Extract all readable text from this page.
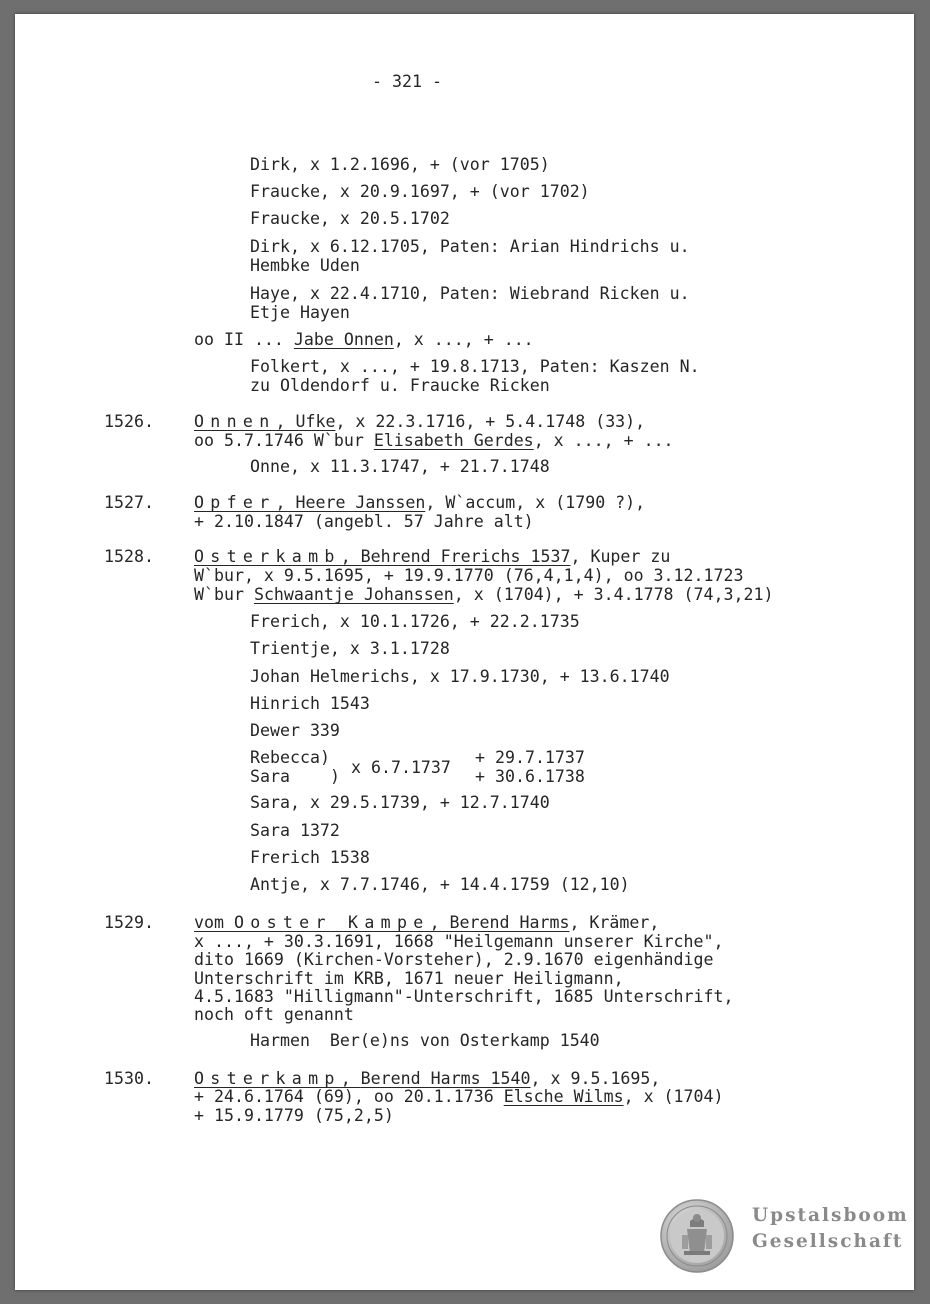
- 321 -
Dirk, x 1.2.1696, + (vor 1705)
Fraucke, x 20.9.1697, + (vor 1702)
Fraucke, x 20.5.1702
Dirk, x 6.12.1705, Paten: Arian Hindrichs u.
Hembke Uden
Haye, x 22.4.1710, Paten: Wiebrand Ricken u.
Etje Hayen
oo II ... Jabe Onnen, x ..., + ...
Folkert, x ..., + 19.8.1713, Paten: Kaszen N.
zu Oldendorf u. Fraucke Ricken
1526. Onnen, Ufke, x 22.3.1716, + 5.4.1748 (33),
oo 5.7.1746 W`bur Elisabeth Gerdes, x ..., + ...
Onne, x 11.3.1747, + 21.7.1748
1527. Opfer, Heere Janssen, W`accum, x (1790 ?),
+ 2.10.1847 (angebl. 57 Jahre alt)
1528. Osterkamb, Behrend Frerichs 1537, Kuper zu
W`bur, x 9.5.1695, + 19.9.1770 (76,4,1,4), oo 3.12.1723
W`bur Schwaantje Johanssen, x (1704), + 3.4.1778 (74,3,21)
Frerich, x 10.1.1726, + 22.2.1735
Trientje, x 3.1.1728
Johan Helmerichs, x 17.9.1730, + 13.6.1740
Hinrich 1543
Dewer 339
Rebecca
Sara
)
) x 6.7.1737
+ 29.7.1737
+ 30.6.1738
Sara, x 29.5.1739, + 12.7.1740
Sara 1372
Frerich 1538
Antje, x 7.7.1746, + 14.4.1759 (12,10)
1529. vom Ooster Kampe, Berend Harms, Krämer,
x ..., + 30.3.1691, 1668 "Heilgemann unserer Kirche",
dito 1669 (Kirchen-Vorsteher), 2.9.1670 eigenhändige
Unterschrift im KRB, 1671 neuer Heiligmann,
4.5.1683 "Hilligmann"-Unterschrift, 1685 Unterschrift,
noch oft genannt
Harmen  Ber(e)ns von Osterkamp 1540
1530. Osterkamp, Berend Harms 1540, x 9.5.1695,
+ 24.6.1764 (69), oo 20.1.1736 Elsche Wilms, x (1704)
+ 15.9.1779 (75,2,5)
Upstalsboom
Gesellschaft
